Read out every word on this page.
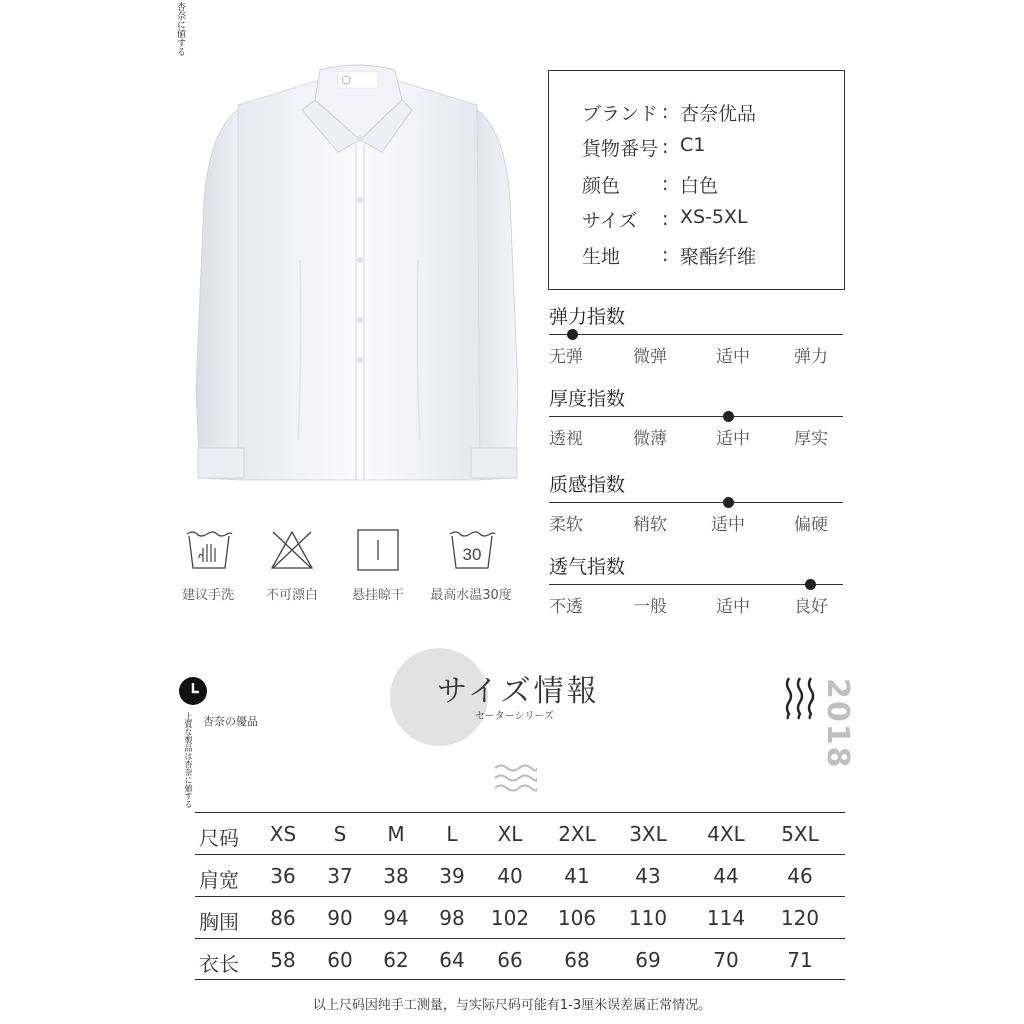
杏奈に値する
ブランド : 杏奈优品
貨物番号 : C1
颜色 : 白色
サイズ : XS-5XL
生地 : 聚酯纤维
弹力指数
无弹	微弹	适中	弹力
厚度指数
透视	微薄	适中	厚实
质感指数
柔软	稍软	适中	偏硬
透气指数
不透	一般	适中	良好
建议手洗	不可漂白	悬挂晾干
30
最高水温30度
上質な製品は杏奈に値する 杏奈の優品
サイズ情報
セーターシリーズ	2018
尺码	XS	S	M	L	XL	2XL	3XL	4XL	5XL
肩宽	36	37	38	39	40	41	43	44	46
胸围	86	90	94	98	102	106	110	114	120
衣长	58	60	62	64	66	68	69	70	71
以上尺码因纯手工测量，与实际尺码可能有1-3厘米误差属正常情况。
